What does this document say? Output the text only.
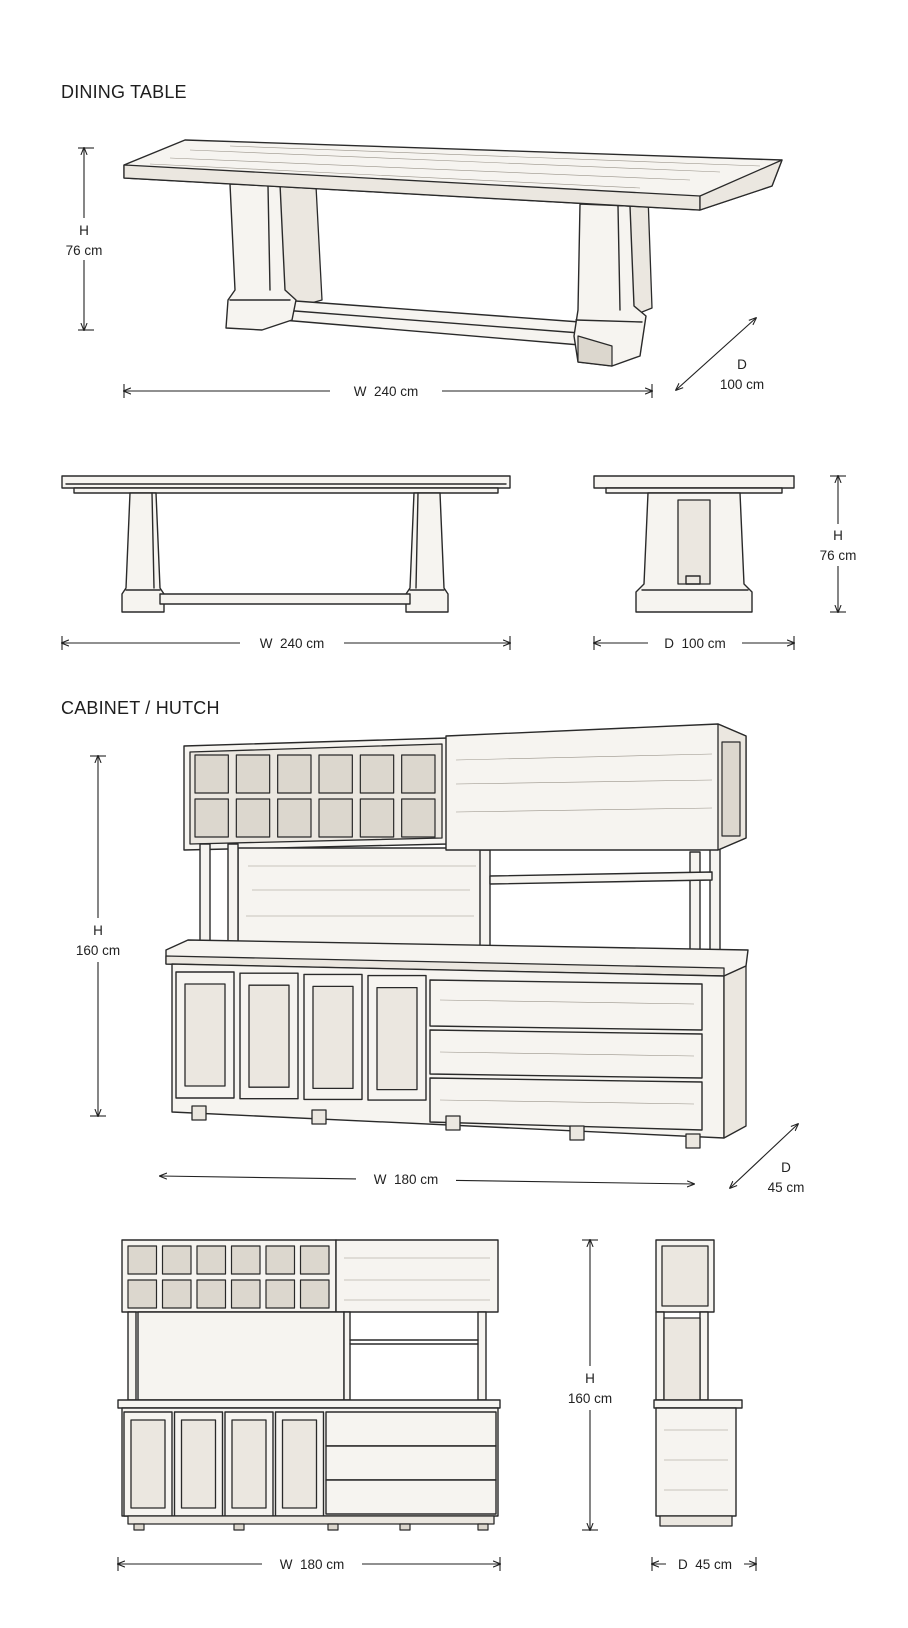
DINING TABLE
CABINET / HUTCH
H
76 cm
W  240 cm
D
100 cm
W  240 cm
H
76 cm
D  100 cm
H
160 cm
W  180 cm
D
45 cm
H
160 cm
W  180 cm	D  45 cm
